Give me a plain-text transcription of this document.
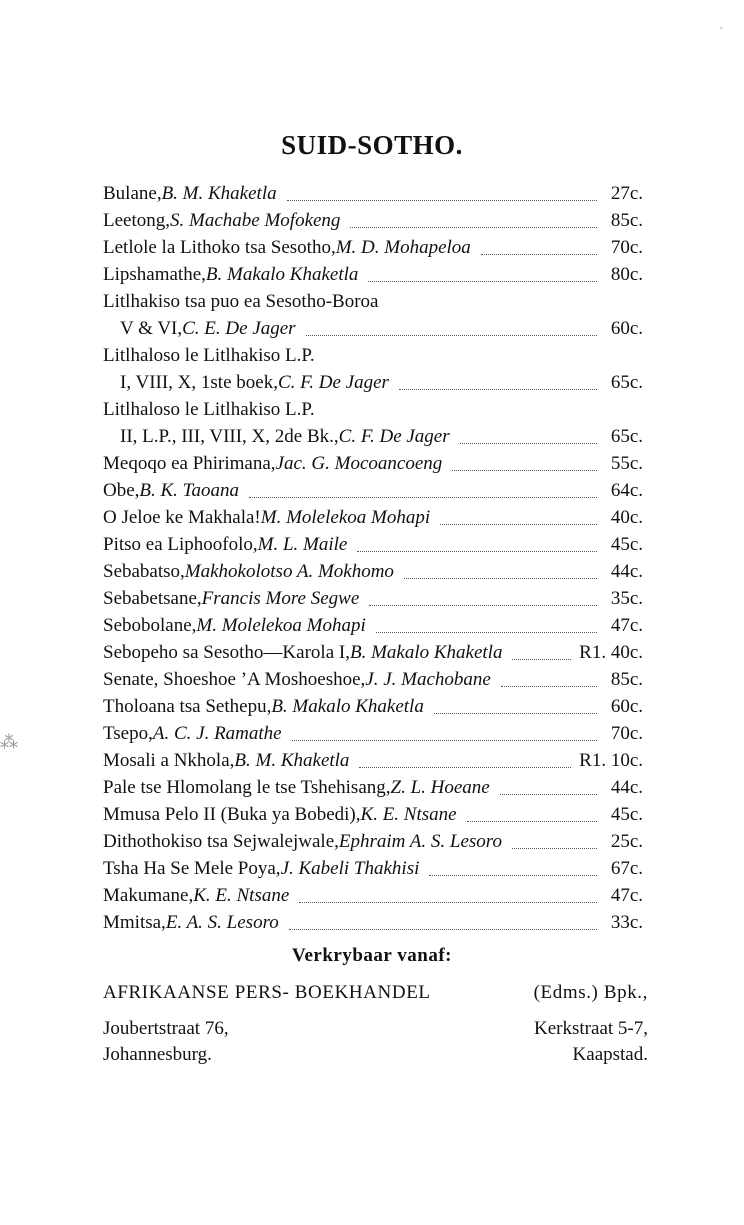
'
⁂
SUID-SOTHO.
Bulane, B. M. Khaketla	27c.
Leetong, S. Machabe Mofokeng	85c.
Letlole la Lithoko tsa Sesotho, M. D. Mohapeloa	70c.
Lipshamathe, B. Makalo Khaketla	80c.
Litlhakiso tsa puo ea Sesotho-Boroa
V & VI, C. E. De Jager	60c.
Litlhaloso le Litlhakiso L.P.
I, VIII, X, 1ste boek, C. F. De Jager	65c.
Litlhaloso le Litlhakiso L.P.
II, L.P., III, VIII, X, 2de Bk., C. F. De Jager	65c.
Meqoqo ea Phirimana, Jac. G. Mocoancoeng	55c.
Obe, B. K. Taoana	64c.
O Jeloe ke Makhala! M. Molelekoa Mohapi	40c.
Pitso ea Liphoofolo, M. L. Maile	45c.
Sebabatso, Makhokolotso A. Mokhomo	44c.
Sebabetsane, Francis More Segwe	35c.
Sebobolane, M. Molelekoa Mohapi	47c.
Sebopeho sa Sesotho—Karola I, B. Makalo Khaketla	R1. 40c.
Senate, Shoeshoe ’A Moshoeshoe, J. J. Machobane	85c.
Tholoana tsa Sethepu, B. Makalo Khaketla	60c.
Tsepo, A. C. J. Ramathe	70c.
Mosali a Nkhola, B. M. Khaketla	R1. 10c.
Pale tse Hlomolang le tse Tshehisang, Z. L. Hoeane	44c.
Mmusa Pelo II (Buka ya Bobedi), K. E. Ntsane	45c.
Dithothokiso tsa Sejwalejwale, Ephraim A. S. Lesoro	25c.
Tsha Ha Se Mele Poya, J. Kabeli Thakhisi	67c.
Makumane, K. E. Ntsane	47c.
Mmitsa, E. A. S. Lesoro	33c.
Verkrybaar vanaf:
AFRIKAANSE PERS- BOEKHANDEL	(Edms.) Bpk.,
Joubertstraat 76,
Johannesburg.
Kerkstraat 5-7,
Kaapstad.
